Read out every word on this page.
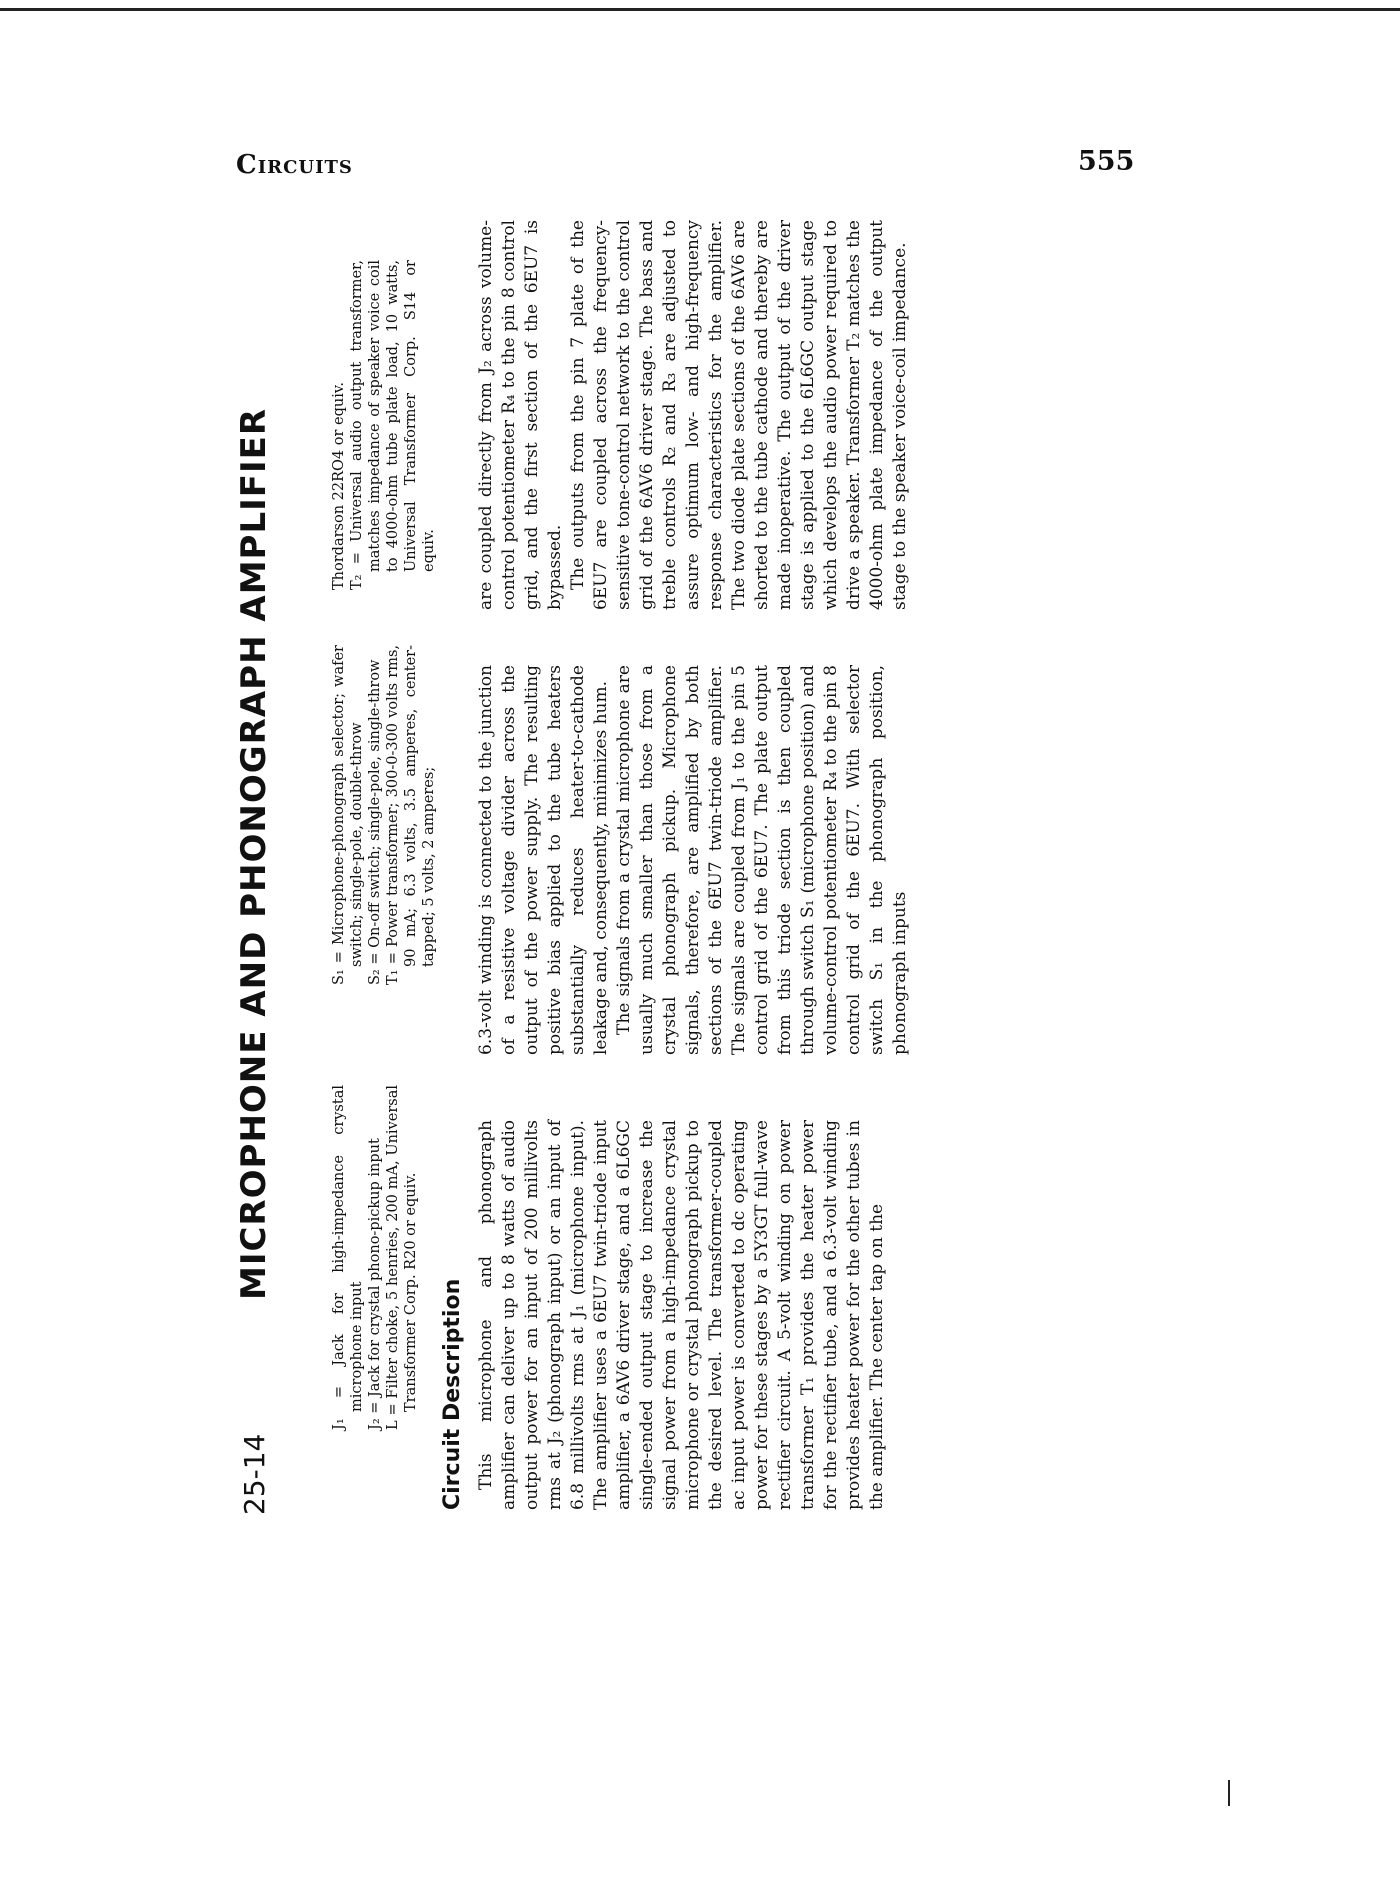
Circuits	555
25-14
MICROPHONE AND PHONOGRAPH AMPLIFIER	J₁ = Jack for high-impedance crystal microphone input J₂ = Jack for crystal phono-pickup input L = Filter choke, 5 henries, 200 mA, Universal Transformer Corp. R20 or equiv.

S₁ = Microphone-phonograph selector; wafer switch; single-pole, double-throw S₂ = On-off switch; single-pole, single-throw T₁ = Power transformer; 300-0-300 volts rms, 90 mA; 6.3 volts, 3.5 amperes, center-tapped; 5 volts, 2 amperes;

Thordarson 22RO4 or equiv. T₂ = Universal audio output transformer, matches impedance of speaker voice coil to 4000-ohm tube plate load, 10 watts, Universal Transformer Corp. S14 or equiv.

Circuit Description This microphone and phonograph amplifier can deliver up to 8 watts of audio output power for an input of 200 millivolts rms at J₂ (phonograph input) or an input of 6.8 millivolts rms at J₁ (microphone input). The amplifier uses a 6EU7 twin-triode input amplifier, a 6AV6 driver stage, and a 6L6GC single-ended output stage to increase the signal power from a high-impedance crystal microphone or crystal phonograph pickup to the desired level. The transformer-coupled ac input power is converted to dc operating power for these stages by a 5Y3GT full-wave rectifier circuit. A 5-volt winding on power transformer T₁ provides the heater power for the rectifier tube, and a 6.3-volt winding provides heater power for the other tubes in the amplifier. The center tap on the

6.3-volt winding is connected to the junction of a resistive voltage divider across the output of the power supply. The resulting positive bias applied to the tube heaters substantially reduces heater-to-cathode leakage and, consequently, minimizes hum. The signals from a crystal microphone are usually much smaller than those from a crystal phonograph pickup. Microphone signals, therefore, are amplified by both sections of the 6EU7 twin-triode amplifier. The signals are coupled from J₁ to the pin 5 control grid of the 6EU7. The plate output from this triode section is then coupled through switch S₁ (microphone position) and volume-control potentiometer R₄ to the pin 8 control grid of the 6EU7. With selector switch S₁ in the phonograph position, phonograph inputs

are coupled directly from J₂ across volume-control potentiometer R₄ to the pin 8 control grid, and the first section of the 6EU7 is bypassed. The outputs from the pin 7 plate of the 6EU7 are coupled across the frequency-sensitive tone-control network to the control grid of the 6AV6 driver stage. The bass and treble controls R₂ and R₃ are adjusted to assure optimum low- and high-frequency response characteristics for the amplifier. The two diode plate sections of the 6AV6 are shorted to the tube cathode and thereby are made inoperative. The output of the driver stage is applied to the 6L6GC output stage which develops the audio power required to drive a speaker. Transformer T₂ matches the 4000-ohm plate impedance of the output stage to the speaker voice-coil impedance.
